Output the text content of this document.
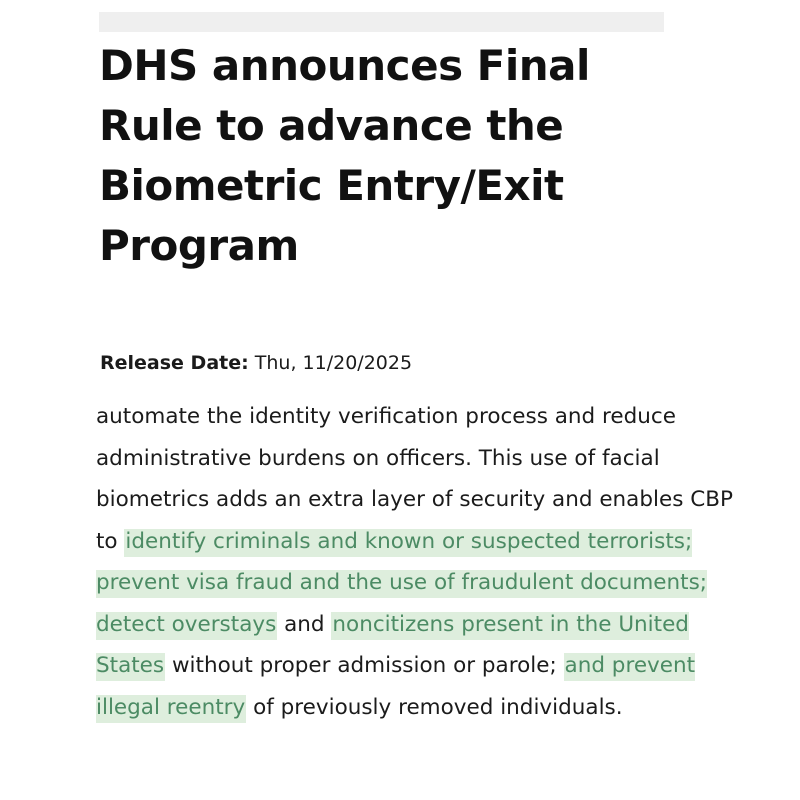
DHS announces Final Rule to advance the Biometric Entry/Exit Program
Release Date: Thu, 11/20/2025

automate the identity verification process and reduce administrative burdens on officers. This use of facial biometrics adds an extra layer of security and enables CBP to identify criminals and known or suspected terrorists; prevent visa fraud and the use of fraudulent documents; detect overstays and noncitizens present in the United States without proper admission or parole; and prevent illegal reentry of previously removed individuals.
